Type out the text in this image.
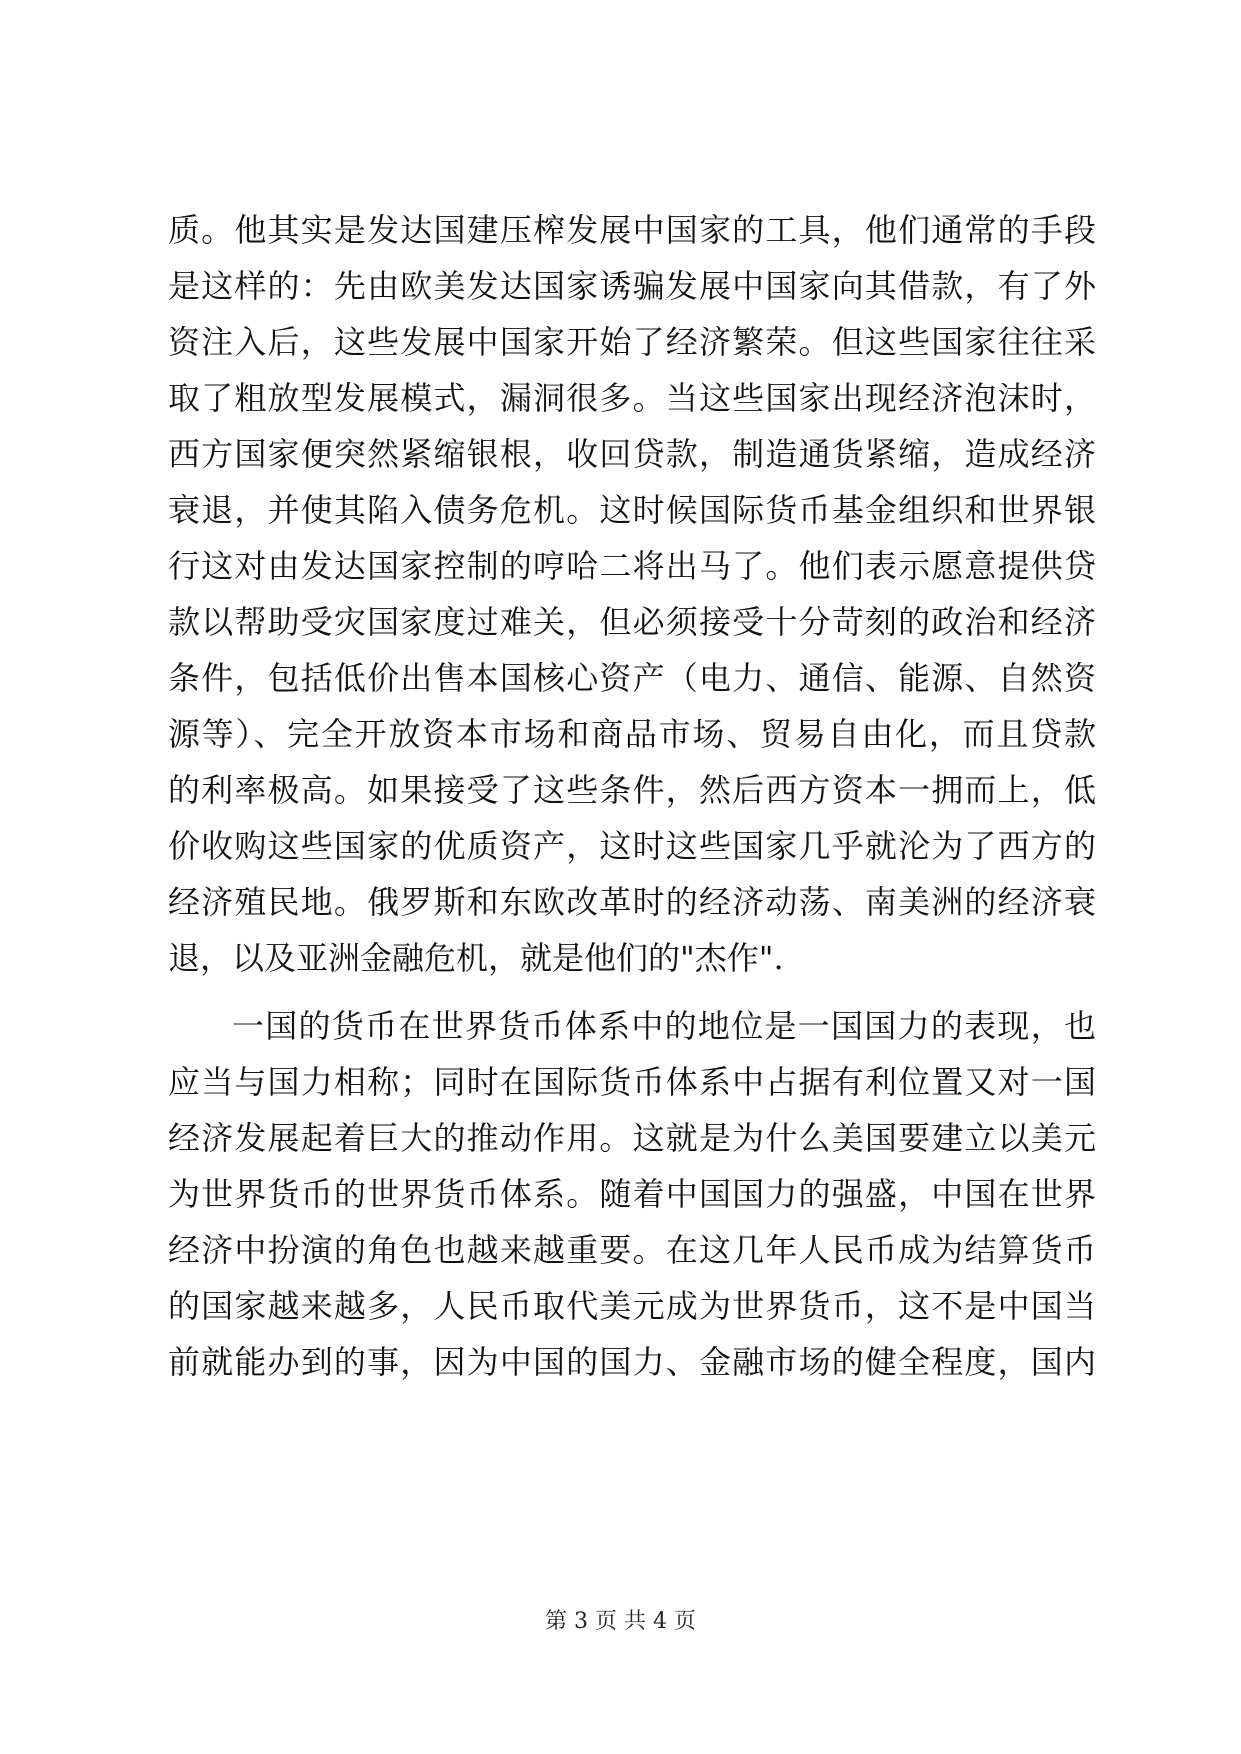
质。他其实是发达国建压榨发展中国家的工具，他们通常的手段
是这样的：先由欧美发达国家诱骗发展中国家向其借款，有了外
资注入后，这些发展中国家开始了经济繁荣。但这些国家往往采
取了粗放型发展模式，漏洞很多。当这些国家出现经济泡沫时，
西方国家便突然紧缩银根，收回贷款，制造通货紧缩，造成经济
衰退，并使其陷入债务危机。这时候国际货币基金组织和世界银
行这对由发达国家控制的哼哈二将出马了。他们表示愿意提供贷
款以帮助受灾国家度过难关，但必须接受十分苛刻的政治和经济
条件，包括低价出售本国核心资产（电力、通信、能源、自然资
源等）、完全开放资本市场和商品市场、贸易自由化，而且贷款
的利率极高。如果接受了这些条件，然后西方资本一拥而上，低
价收购这些国家的优质资产，这时这些国家几乎就沦为了西方的
经济殖民地。俄罗斯和东欧改革时的经济动荡、南美洲的经济衰
退，以及亚洲金融危机，就是他们的"杰作".
一国的货币在世界货币体系中的地位是一国国力的表现，也
应当与国力相称；同时在国际货币体系中占据有利位置又对一国
经济发展起着巨大的推动作用。这就是为什么美国要建立以美元
为世界货币的世界货币体系。随着中国国力的强盛，中国在世界
经济中扮演的角色也越来越重要。在这几年人民币成为结算货币
的国家越来越多，人民币取代美元成为世界货币，这不是中国当
前就能办到的事，因为中国的国力、金融市场的健全程度，国内
第 3 页 共 4 页
